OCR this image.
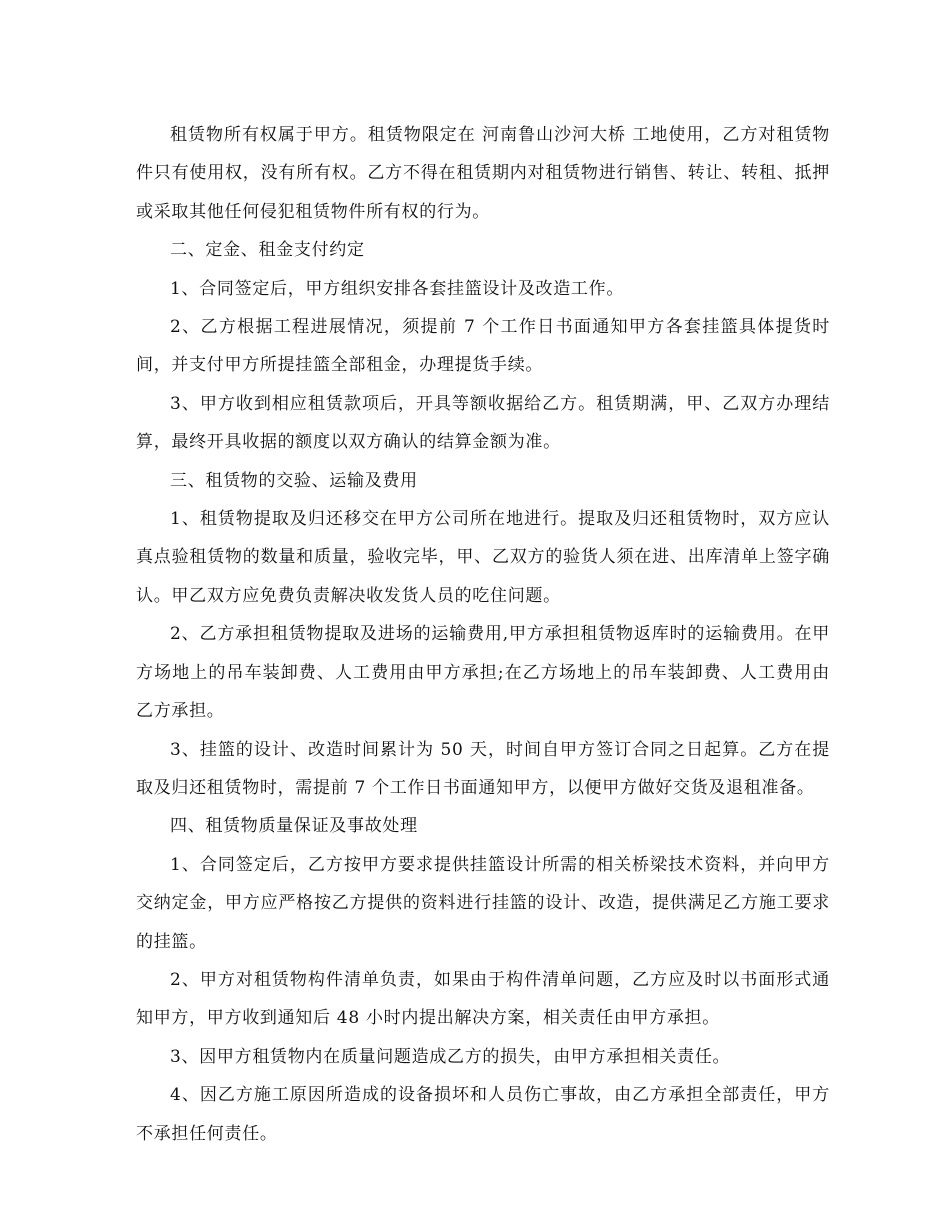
租赁物所有权属于甲方。租赁物限定在 河南鲁山沙河大桥 工地使用，乙方对租赁物件只有使用权，没有所有权。乙方不得在租赁期内对租赁物进行销售、转让、转租、抵押或采取其他任何侵犯租赁物件所有权的行为。

二、定金、租金支付约定

1、合同签定后，甲方组织安排各套挂篮设计及改造工作。

2、乙方根据工程进展情况，须提前 7 个工作日书面通知甲方各套挂篮具体提货时间，并支付甲方所提挂篮全部租金，办理提货手续。

3、甲方收到相应租赁款项后，开具等额收据给乙方。租赁期满，甲、乙双方办理结算，最终开具收据的额度以双方确认的结算金额为准。

三、租赁物的交验、运输及费用

1、租赁物提取及归还移交在甲方公司所在地进行。提取及归还租赁物时，双方应认真点验租赁物的数量和质量，验收完毕，甲、乙双方的验货人须在进、出库清单上签字确认。甲乙双方应免费负责解决收发货人员的吃住问题。

2、乙方承担租赁物提取及进场的运输费用,甲方承担租赁物返库时的运输费用。在甲方场地上的吊车装卸费、人工费用由甲方承担;在乙方场地上的吊车装卸费、人工费用由乙方承担。

3、挂篮的设计、改造时间累计为 50 天，时间自甲方签订合同之日起算。乙方在提取及归还租赁物时，需提前 7 个工作日书面通知甲方，以便甲方做好交货及退租准备。

四、租赁物质量保证及事故处理

1、合同签定后，乙方按甲方要求提供挂篮设计所需的相关桥梁技术资料，并向甲方交纳定金，甲方应严格按乙方提供的资料进行挂篮的设计、改造，提供满足乙方施工要求的挂篮。

2、甲方对租赁物构件清单负责，如果由于构件清单问题，乙方应及时以书面形式通知甲方，甲方收到通知后 48 小时内提出解决方案，相关责任由甲方承担。

3、因甲方租赁物内在质量问题造成乙方的损失，由甲方承担相关责任。

4、因乙方施工原因所造成的设备损坏和人员伤亡事故，由乙方承担全部责任，甲方不承担任何责任。
